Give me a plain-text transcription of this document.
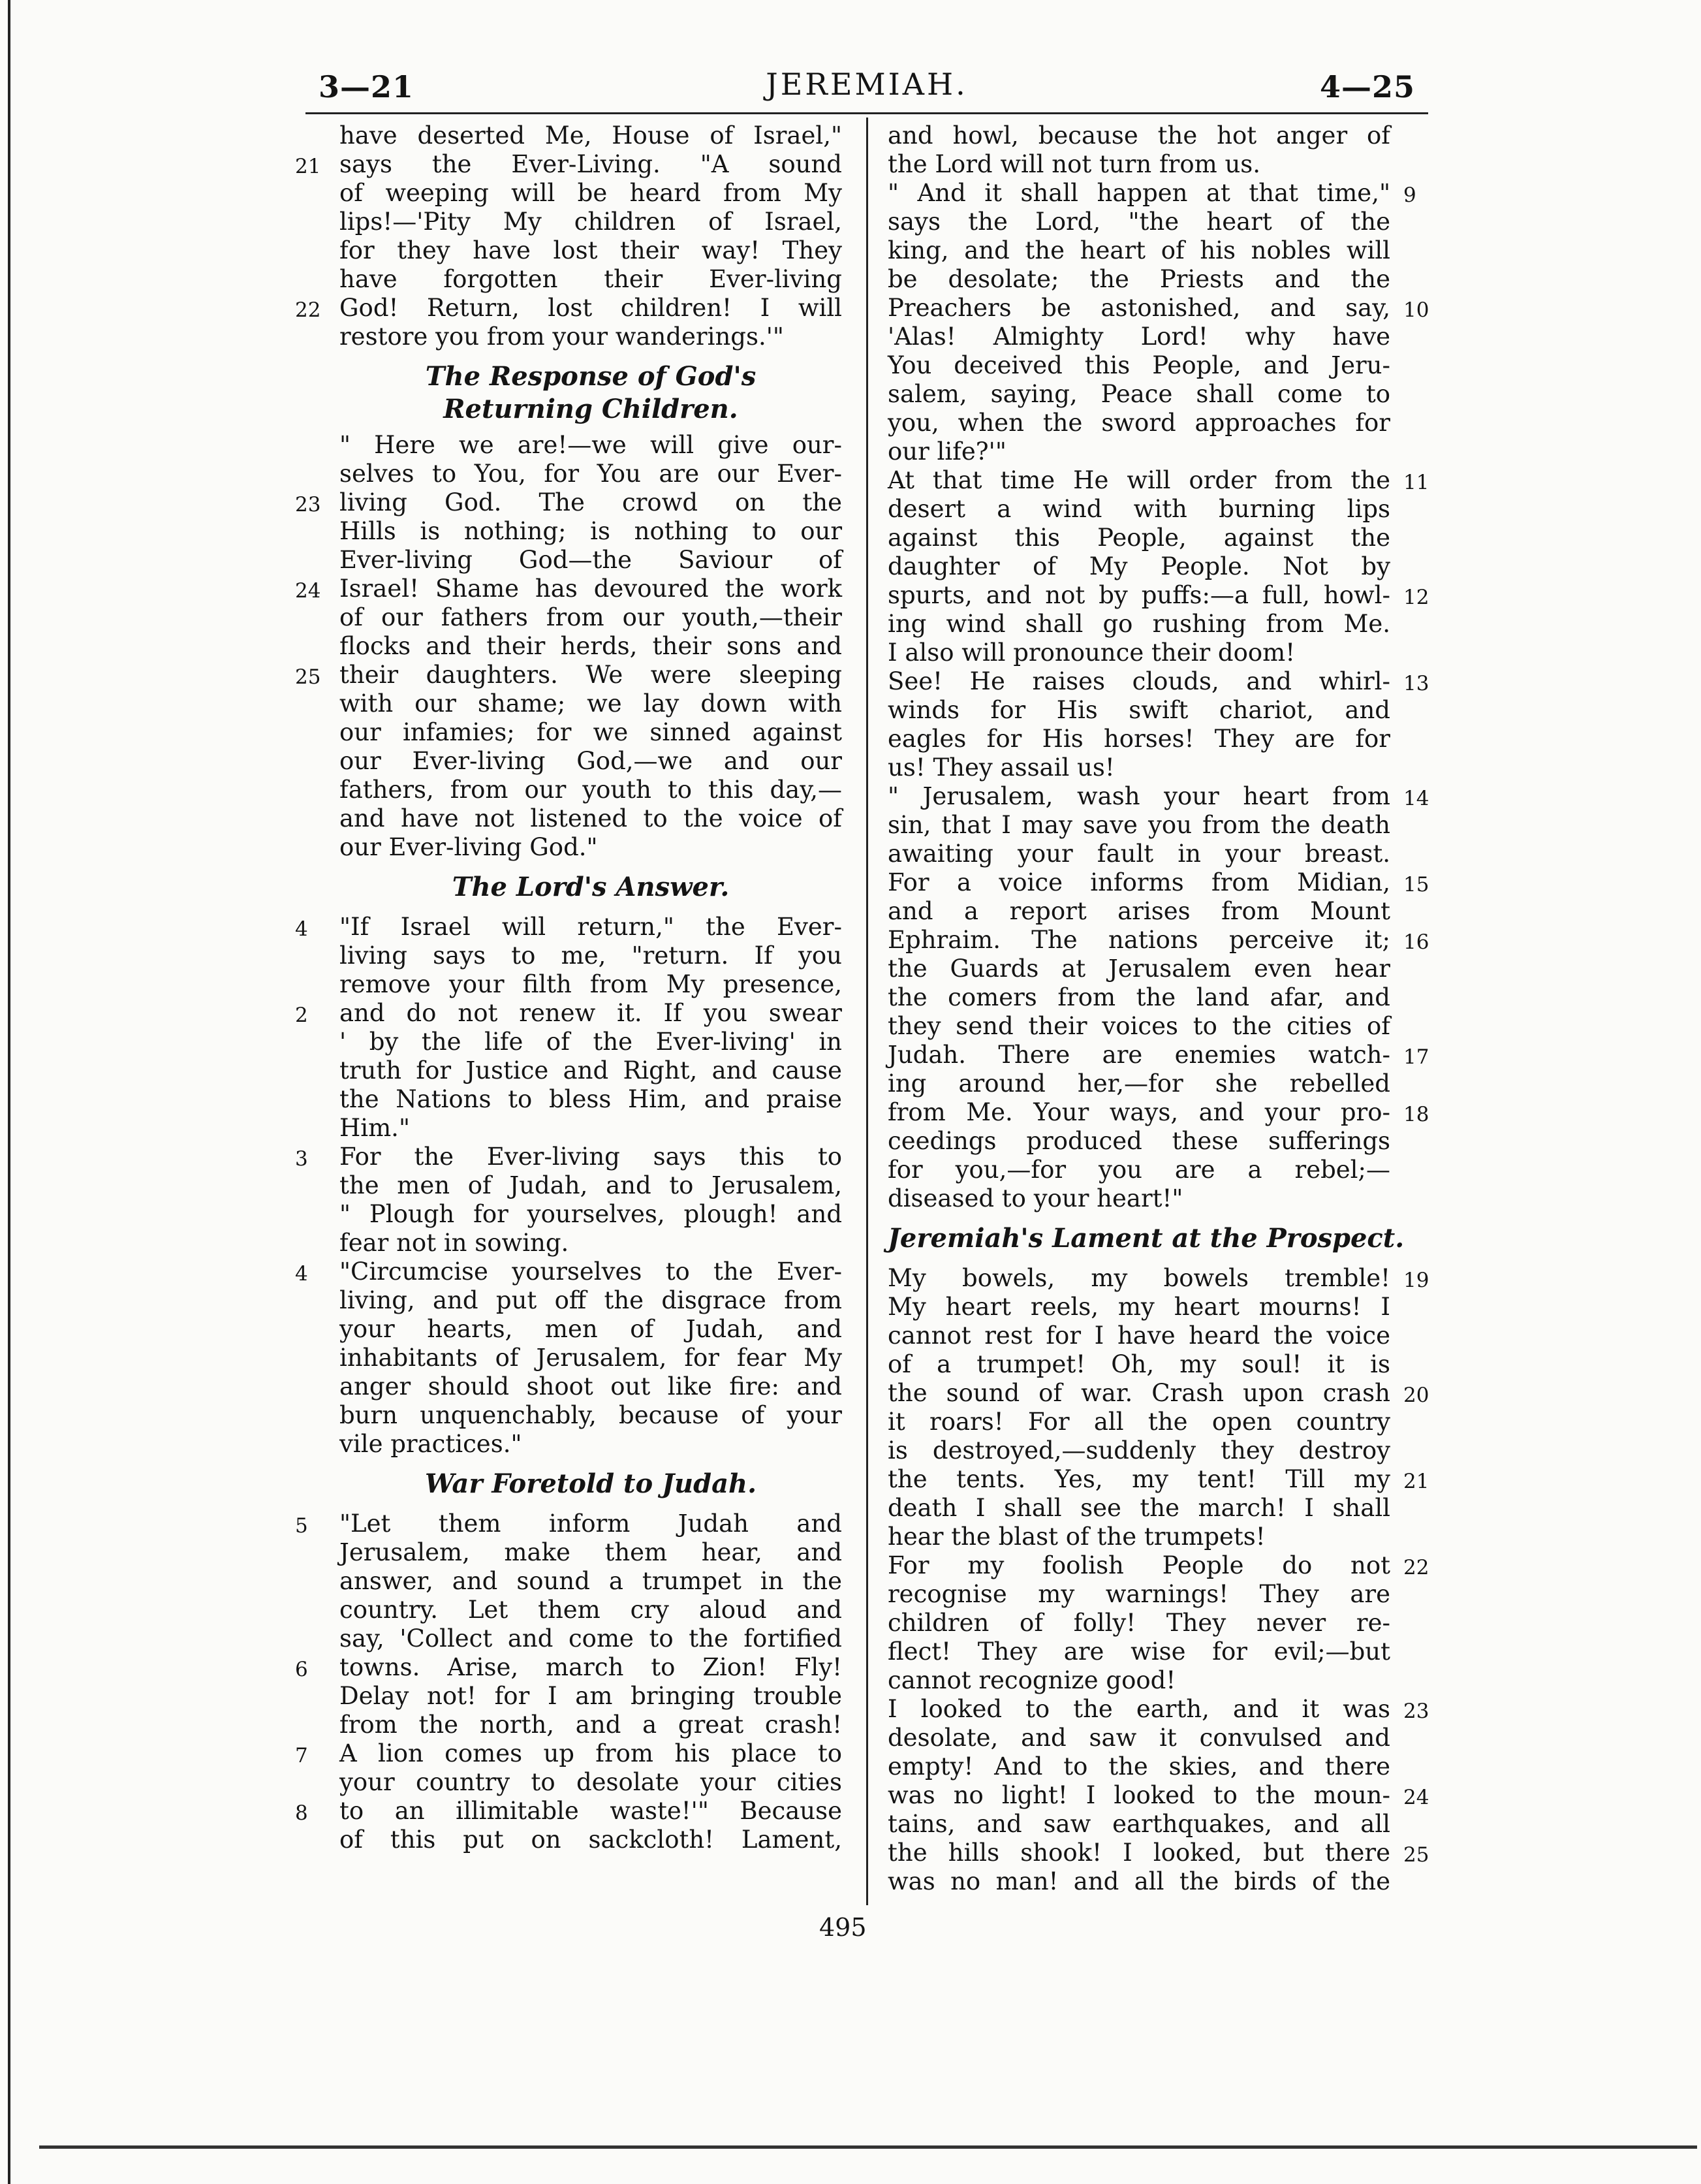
3—21	JEREMIAH.	4—25
have deserted Me, House of Israel,"
says the Ever-Living. "A sound
21
of weeping will be heard from My
lips!—'Pity My children of Israel,
for they have lost their way! They
have forgotten their Ever-living
God! Return, lost children! I will
22
restore you from your wanderings.'"
The Response of God's Returning Children.
" Here we are!—we will give our-
selves to You, for You are our Ever-
living God. The crowd on the
23
Hills is nothing; is nothing to our
Ever-living God—the Saviour of
Israel! Shame has devoured the work
24
of our fathers from our youth,—their
flocks and their herds, their sons and
their daughters. We were sleeping
25
with our shame; we lay down with
our infamies; for we sinned against
our Ever-living God,—we and our
fathers, from our youth to this day,—
and have not listened to the voice of
our Ever-living God."
The Lord's Answer.
"If Israel will return," the Ever-
4
living says to me, "return. If you
remove your filth from My presence,
and do not renew it. If you swear
2
' by the life of the Ever-living' in
truth for Justice and Right, and cause
the Nations to bless Him, and praise
Him."
For the Ever-living says this to
3
the men of Judah, and to Jerusalem,
" Plough for yourselves, plough! and
fear not in sowing.
"Circumcise yourselves to the Ever-
4
living, and put off the disgrace from
your hearts, men of Judah, and
inhabitants of Jerusalem, for fear My
anger should shoot out like fire: and
burn unquenchably, because of your
vile practices."
War Foretold to Judah.
"Let them inform Judah and
5
Jerusalem, make them hear, and
answer, and sound a trumpet in the
country. Let them cry aloud and
say, 'Collect and come to the fortified
towns. Arise, march to Zion! Fly!
6
Delay not! for I am bringing trouble
from the north, and a great crash!
A lion comes up from his place to
7
your country to desolate your cities
to an illimitable waste!'" Because
8
of this put on sackcloth! Lament,
and howl, because the hot anger of
the Lord will not turn from us.
" And it shall happen at that time," 9
says the Lord, "the heart of the
king, and the heart of his nobles will
be desolate; the Priests and the
Preachers be astonished, and say, 10
'Alas! Almighty Lord! why have
You deceived this People, and Jeru-
salem, saying, Peace shall come to
you, when the sword approaches for
our life?'"
At that time He will order from the 11
desert a wind with burning lips
against this People, against the
daughter of My People. Not by
spurts, and not by puffs:—a full, howl- 12
ing wind shall go rushing from Me.
I also will pronounce their doom!
See! He raises clouds, and whirl- 13
winds for His swift chariot, and
eagles for His horses! They are for
us! They assail us!
" Jerusalem, wash your heart from 14
sin, that I may save you from the death
awaiting your fault in your breast.
For a voice informs from Midian, 15
and a report arises from Mount
Ephraim. The nations perceive it; 16
the Guards at Jerusalem even hear
the comers from the land afar, and
they send their voices to the cities of
Judah. There are enemies watch- 17
ing around her,—for she rebelled
from Me. Your ways, and your pro- 18
ceedings produced these sufferings
for you,—for you are a rebel;—
diseased to your heart!"
Jeremiah's Lament at the Prospect.
My bowels, my bowels tremble! 19
My heart reels, my heart mourns! I
cannot rest for I have heard the voice
of a trumpet! Oh, my soul! it is
the sound of war. Crash upon crash 20
it roars! For all the open country
is destroyed,—suddenly they destroy
the tents. Yes, my tent! Till my 21
death I shall see the march! I shall
hear the blast of the trumpets!
For my foolish People do not 22
recognise my warnings! They are
children of folly! They never re-
flect! They are wise for evil;—but
cannot recognize good!
I looked to the earth, and it was 23
desolate, and saw it convulsed and
empty! And to the skies, and there
was no light! I looked to the moun- 24
tains, and saw earthquakes, and all
the hills shook! I looked, but there 25
was no man! and all the birds of the
495
